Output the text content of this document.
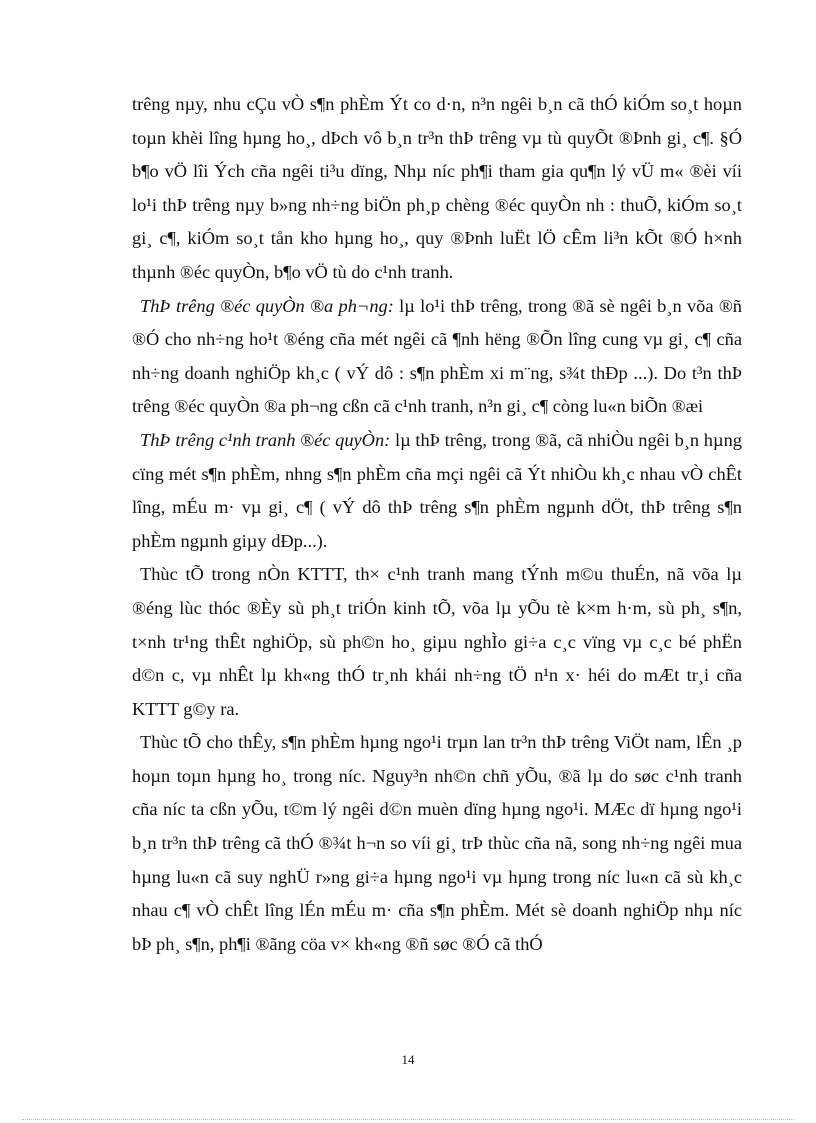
trêng nµy, nhu cÇu vÒ s¶n phÈm Ýt co d·n, n³n ngêi b¸n cã thÓ kiÓm so¸t hoµn toµn khèi lîng hµng ho¸, dÞch vô b¸n tr³n thÞ trêng vµ tù quyÕt ®Þnh gi¸ c¶. §Ó b¶o vÖ lîi Ých cña ngêi ti³u dïng, Nhµ níc ph¶i tham gia qu¶n lý vÜ m« ®èi víi lo¹i thÞ trêng nµy b»ng nh÷ng biÖn ph¸p chèng ®éc quyÒn nh : thuÕ, kiÓm so¸t gi¸ c¶, kiÓm so¸t tån kho hµng ho¸, quy ®Þnh luËt lÖ cÊm li³n kÕt ®Ó h×nh thµnh ®éc quyÒn, b¶o vÖ tù do c¹nh tranh.

ThÞ trêng ®éc quyÒn ®a ph¬ng: lµ lo¹i thÞ trêng, trong ®ã sè ngêi b¸n võa ®ñ ®Ó cho nh÷ng ho¹t ®éng cña mét ngêi cã ¶nh hëng ®Õn lîng cung vµ gi¸ c¶ cña nh÷ng doanh nghiÖp kh¸c ( vÝ dô : s¶n phÈm xi m¨ng, s¾t thÐp ...). Do t³n thÞ trêng ®éc quyÒn ®a ph¬ng cßn cã c¹nh tranh, n³n gi¸ c¶ còng lu«n biÕn ®æi

ThÞ trêng c¹nh tranh ®éc quyÒn: lµ thÞ trêng, trong ®ã, cã nhiÒu ngêi b¸n hµng cïng mét s¶n phÈm, nhng s¶n phÈm cña mçi ngêi cã Ýt nhiÒu kh¸c nhau vÒ chÊt lîng, mÉu m· vµ gi¸ c¶ ( vÝ dô thÞ trêng s¶n phÈm ngµnh dÖt, thÞ trêng s¶n phÈm ngµnh giµy dÐp...).

Thùc tÕ trong nÒn KTTT, th× c¹nh tranh mang tÝnh m©u thuÉn, nã võa lµ ®éng lùc thóc ®Èy sù ph¸t triÓn kinh tÕ, võa lµ yÕu tè k×m h·m, sù ph¸ s¶n, t×nh tr¹ng thÊt nghiÖp, sù ph©n ho¸ giµu nghÌo gi÷a c¸c vïng vµ c¸c bé phËn d©n c, vµ nhÊt lµ kh«ng thÓ tr¸nh khái nh÷ng tÖ n¹n x· héi do mÆt tr¸i cña KTTT g©y ra.

Thùc tÕ cho thÊy, s¶n phÈm hµng ngo¹i trµn lan tr³n thÞ trêng ViÖt nam, lÊn ¸p hoµn toµn hµng ho¸ trong níc. Nguy³n nh©n chñ yÕu, ®ã lµ do søc c¹nh tranh cña níc ta cßn yÕu, t©m lý ngêi d©n muèn dïng hµng ngo¹i. MÆc dï hµng ngo¹i b¸n tr³n thÞ trêng cã thÓ ®¾t h¬n so víi gi¸ trÞ thùc cña nã, song nh÷ng ngêi mua hµng lu«n cã suy nghÜ r»ng gi÷a hµng ngo¹i vµ hµng trong níc lu«n cã sù kh¸c nhau c¶ vÒ chÊt lîng lÉn mÉu m· cña s¶n phÈm. Mét sè doanh nghiÖp nhµ níc bÞ ph¸ s¶n, ph¶i ®ãng cöa v× kh«ng ®ñ søc ®Ó cã thÓ

14
